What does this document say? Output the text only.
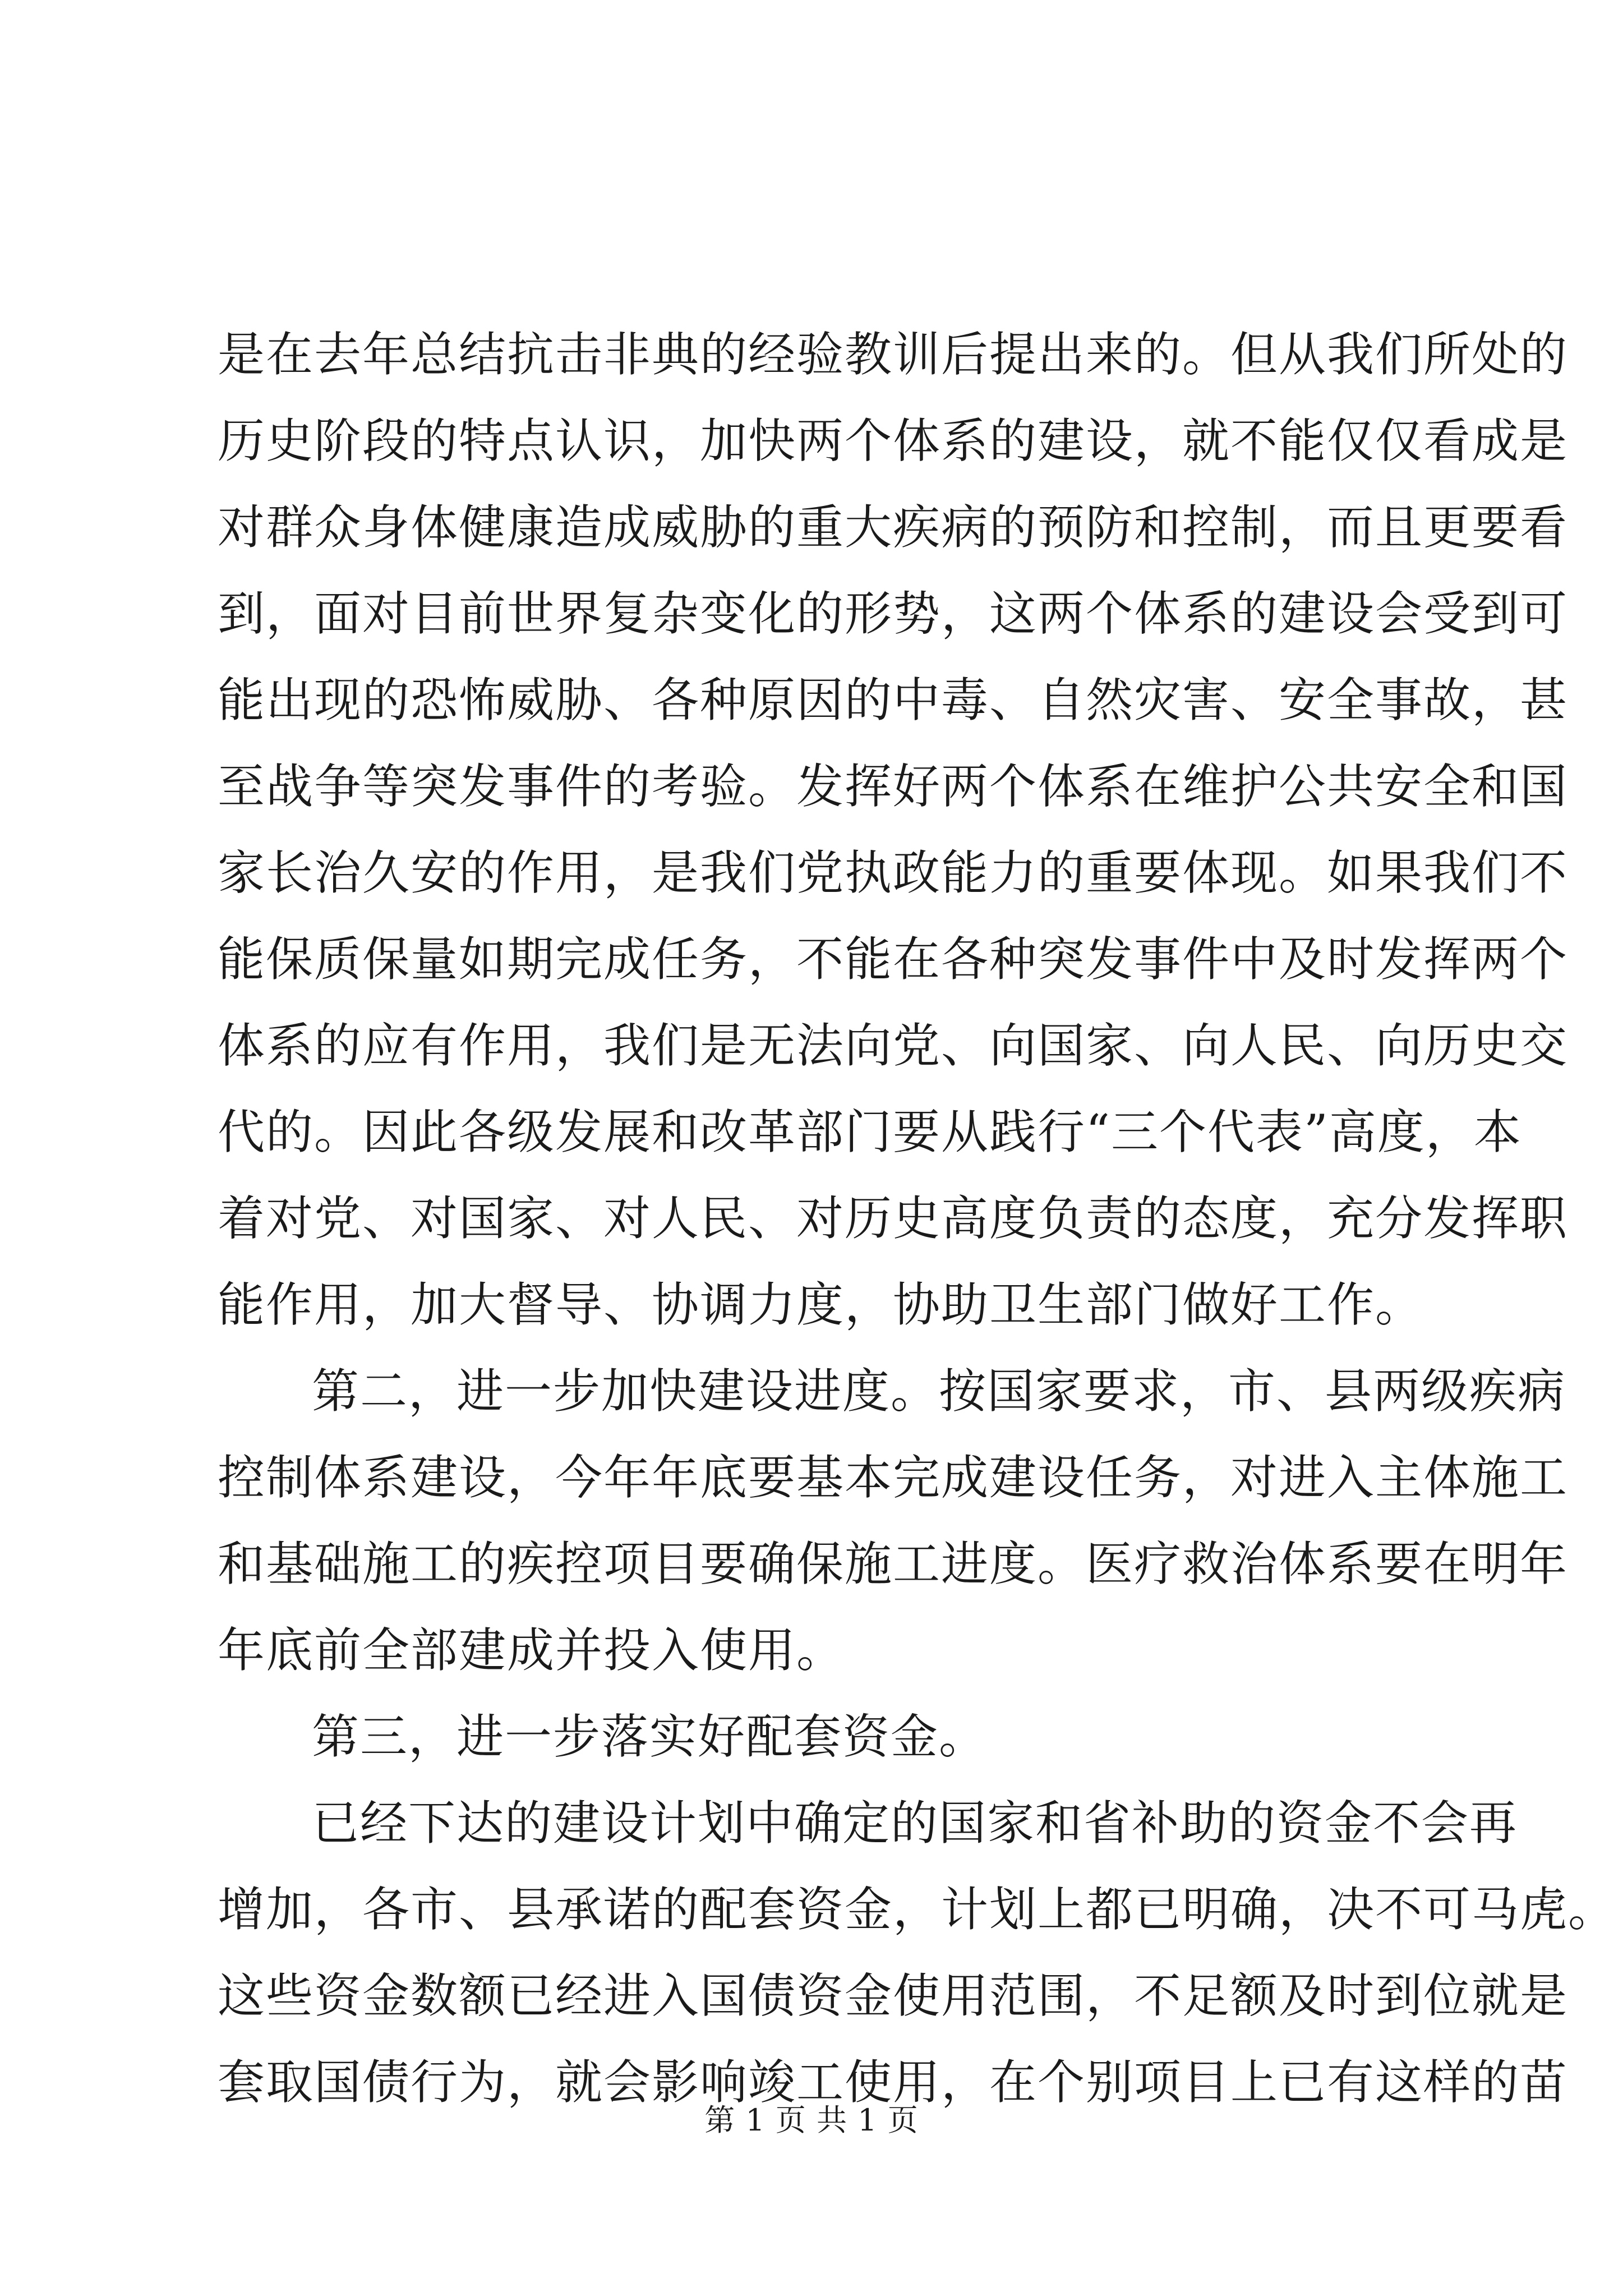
是在去年总结抗击非典的经验教训后提出来的。但从我们所处的
历史阶段的特点认识，加快两个体系的建设，就不能仅仅看成是
对群众身体健康造成威胁的重大疾病的预防和控制，而且更要看
到，面对目前世界复杂变化的形势，这两个体系的建设会受到可
能出现的恐怖威胁、各种原因的中毒、自然灾害、安全事故，甚
至战争等突发事件的考验。发挥好两个体系在维护公共安全和国
家长治久安的作用，是我们党执政能力的重要体现。如果我们不
能保质保量如期完成任务，不能在各种突发事件中及时发挥两个
体系的应有作用，我们是无法向党、向国家、向人民、向历史交
代的。因此各级发展和改革部门要从践行“三个代表”高度，本
着对党、对国家、对人民、对历史高度负责的态度，充分发挥职
能作用，加大督导、协调力度，协助卫生部门做好工作。
第二，进一步加快建设进度。按国家要求，市、县两级疾病
控制体系建设，今年年底要基本完成建设任务，对进入主体施工
和基础施工的疾控项目要确保施工进度。医疗救治体系要在明年
年底前全部建成并投入使用。
第三，进一步落实好配套资金。
已经下达的建设计划中确定的国家和省补助的资金不会再
增加，各市、县承诺的配套资金，计划上都已明确，决不可马虎。
这些资金数额已经进入国债资金使用范围，不足额及时到位就是
套取国债行为，就会影响竣工使用，在个别项目上已有这样的苗
第 1 页 共 1 页
